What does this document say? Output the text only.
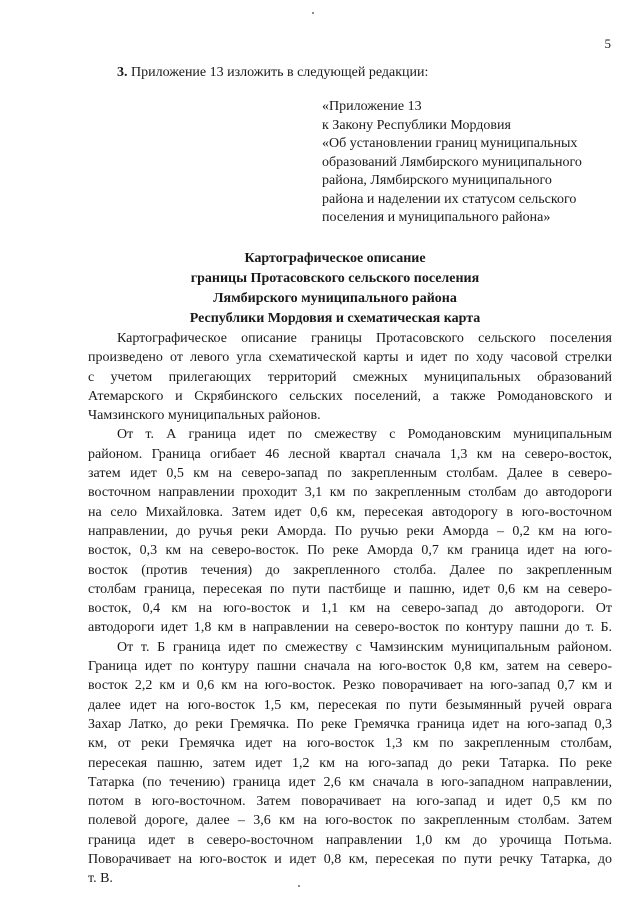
5
3. Приложение 13 изложить в следующей редакции:
«Приложение 13
к Закону Республики Мордовия
«Об установлении границ муниципальных
образований Лямбирского муниципального
района, Лямбирского муниципального
района и наделении их статусом сельского
поселения и муниципального района»
Картографическое описание
границы Протасовского сельского поселения
Лямбирского муниципального района
Республики Мордовия и схематическая карта
Картографическое описание границы Протасовского сельского поселения
произведено от левого угла схематической карты и идет по ходу часовой стрелки
с учетом прилегающих территорий смежных муниципальных образований
Атемарского и Скрябинского сельских поселений, а также Ромодановского и
Чамзинского муниципальных районов.
От т. А граница идет по смежеству с Ромодановским муниципальным
районом. Граница огибает 46 лесной квартал сначала 1,3 км на северо-восток,
затем идет 0,5 км на северо-запад по закрепленным столбам. Далее в северо-
восточном направлении проходит 3,1 км по закрепленным столбам до автодороги
на село Михайловка. Затем идет 0,6 км, пересекая автодорогу в юго-восточном
направлении, до ручья реки Аморда. По ручью реки Аморда – 0,2 км на юго-
восток, 0,3 км на северо-восток. По реке Аморда 0,7 км граница идет на юго-
восток (против течения) до закрепленного столба. Далее по закрепленным
столбам граница, пересекая по пути пастбище и пашню, идет 0,6 км на северо-
восток, 0,4 км на юго-восток и 1,1 км на северо-запад до автодороги. От
автодороги идет 1,8 км в направлении на северо-восток по контуру пашни до т. Б.
От т. Б граница идет по смежеству с Чамзинским муниципальным районом.
Граница идет по контуру пашни сначала на юго-восток 0,8 км, затем на северо-
восток 2,2 км и 0,6 км на юго-восток. Резко поворачивает на юго-запад 0,7 км и
далее идет на юго-восток 1,5 км, пересекая по пути безымянный ручей оврага
Захар Латко, до реки Гремячка. По реке Гремячка граница идет на юго-запад 0,3
км, от реки Гремячка идет на юго-восток 1,3 км по закрепленным столбам,
пересекая пашню, затем идет 1,2 км на юго-запад до реки Татарка. По реке
Татарка (по течению) граница идет 2,6 км сначала в юго-западном направлении,
потом в юго-восточном. Затем поворачивает на юго-запад и идет 0,5 км по
полевой дороге, далее – 3,6 км на юго-восток по закрепленным столбам. Затем
граница идет в северо-восточном направлении 1,0 км до урочища Потьма.
Поворачивает на юго-восток и идет 0,8 км, пересекая по пути речку Татарка, до
т. В.
